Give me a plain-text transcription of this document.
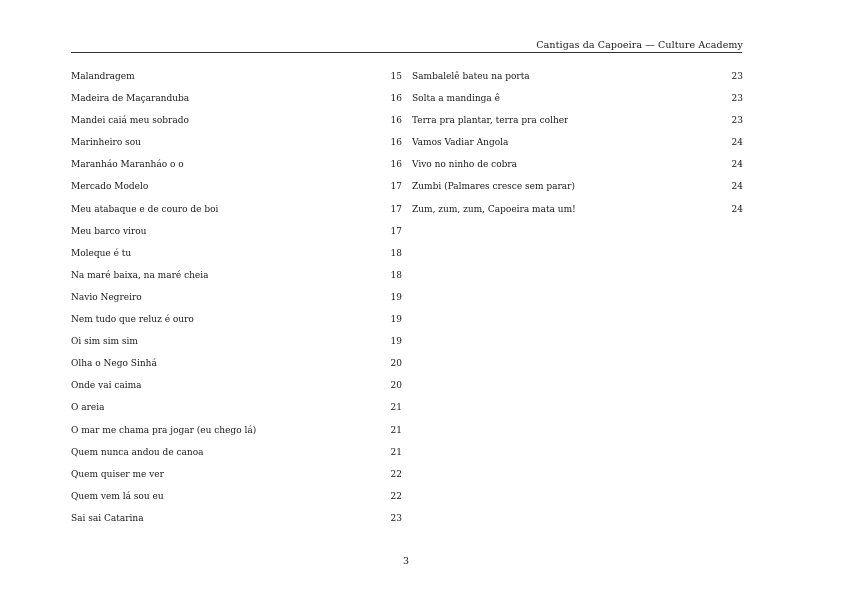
Cantigas da Capoeira — Culture Academy
Malandragem	15
Madeira de Maçaranduba	16
Mandei caiá meu sobrado	16
Marinheiro sou	16
Maranháo Maranháo o o	16
Mercado Modelo	17
Meu atabaque e de couro de boi	17
Meu barco virou	17
Moleque é tu	18
Na maré baixa, na maré cheia	18
Navio Negreiro	19
Nem tudo que reluz é ouro	19
Oi sim sim sim	19
Olha o Nego Sinhá	20
Onde vai caima	20
O areia	21
O mar me chama pra jogar (eu chego lá)	21
Quem nunca andou de canoa	21
Quem quiser me ver	22
Quem vem lá sou eu	22
Sai sai Catarina	23
Sambalelê bateu na porta	23
Solta a mandinga ê	23
Terra pra plantar, terra pra colher	23
Vamos Vadiar Angola	24
Vivo no ninho de cobra	24
Zumbi (Palmares cresce sem parar)	24
Zum, zum, zum, Capoeira mata um!	24
3
